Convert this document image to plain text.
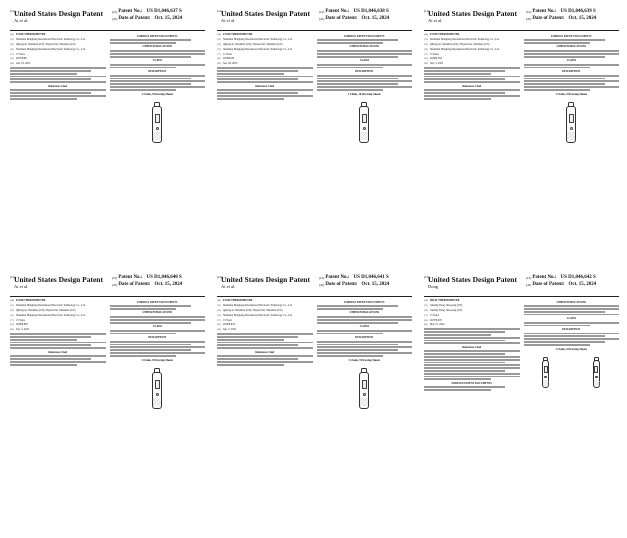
(12)
United States Design Patent
Ai et al.
(10) Patent No.: US D1,046,637 S
(45) Date of Patent: Oct. 15, 2024
(54) FOOD THERMOMETER
(71) Shenzhen Hongkang International Electronic Technology Co., Ltd.
(72) Qihong Ai, Shenzhen (CN); Zhyuan Tan, Shenzhen (CN)
(73) Shenzhen Hongkang International Electronic Technology Co., Ltd.
(**) 15 Years
(21) 29/876467
(22) Apr. 19, 2023
References Cited
FOREIGN PATENT DOCUMENTS
OTHER PUBLICATIONS
CLAIM
DESCRIPTION
1 Claim, 8 Drawing Sheets
(12)
United States Design Patent
Ai et al.
(10) Patent No.: US D1,046,638 S
(45) Date of Patent: Oct. 15, 2024
(54) FOOD THERMOMETER
(71) Shenzhen Hongkang International Electronic Technology Co., Ltd.
(72) Qihong Ai, Shenzhen (CN); Zhyuan Tan, Shenzhen (CN)
(73) Shenzhen Hongkang International Electronic Technology Co., Ltd.
(**) 15 Years
(21) 29/906160
(22) Sep. 28, 2023
References Cited
FOREIGN PATENT DOCUMENTS
OTHER PUBLICATIONS
CLAIM
DESCRIPTION
1 Claim, 10 Drawing Sheets
(12)
United States Design Patent
Ai et al.
(10) Patent No.: US D1,046,639 S
(45) Date of Patent: Oct. 15, 2024
(54) FOOD THERMOMETER
(71) Shenzhen Hongkang International Electronic Technology Co., Ltd.
(72) Qihong Ai, Shenzhen (CN); Zhyuan Tan, Shenzhen (CN)
(73) Shenzhen Hongkang International Electronic Technology Co., Ltd.
(**) 15 Years
(21) 29/906,784
(22) Sep. 5, 2023
References Cited
FOREIGN PATENT DOCUMENTS
OTHER PUBLICATIONS
CLAIM
DESCRIPTION
1 Claim, 8 Drawing Sheets
(12)
United States Design Patent
Ai et al.
(10) Patent No.: US D1,046,640 S
(45) Date of Patent: Oct. 15, 2024
(54) FOOD THERMOMETER
(71) Shenzhen Hongkang International Electronic Technology Co., Ltd.
(72) Qihong Ai, Shenzhen (CN); Zhyuan Tan, Shenzhen (CN)
(73) Shenzhen Hongkang International Electronic Technology Co., Ltd.
(**) 15 Years
(21) 29/906,865
(22) Sep. 5, 2023
References Cited
FOREIGN PATENT DOCUMENTS
OTHER PUBLICATIONS
CLAIM
DESCRIPTION
1 Claim, 8 Drawing Sheets
(12)
United States Design Patent
Ai et al.
(10) Patent No.: US D1,046,641 S
(45) Date of Patent: Oct. 15, 2024
(54) FOOD THERMOMETER
(71) Shenzhen Hongkang International Electronic Technology Co., Ltd.
(72) Qihong Ai, Shenzhen (CN); Zhyuan Tan, Shenzhen (CN)
(73) Shenzhen Hongkang International Electronic Technology Co., Ltd.
(**) 15 Years
(21) 29/906,834
(22) Sep. 5, 2023
References Cited
FOREIGN PATENT DOCUMENTS
OTHER PUBLICATIONS
CLAIM
DESCRIPTION
1 Claim, 9 Drawing Sheets
(12)
United States Design Patent
Dong
(10) Patent No.: US D1,046,642 S
(45) Date of Patent: Oct. 15, 2024
(54) MEAT THERMOMETER
(71) Xueling Dong, Shaoyang (CN)
(72) Xueling Dong, Shaoyang (CN)
(**) 15 Years
(21) 29/878,676
(22) May 27, 2024
References Cited
FOREIGN PATENT DOCUMENTS
OTHER PUBLICATIONS
CLAIM
DESCRIPTION
1 Claim, 8 Drawing Sheets
